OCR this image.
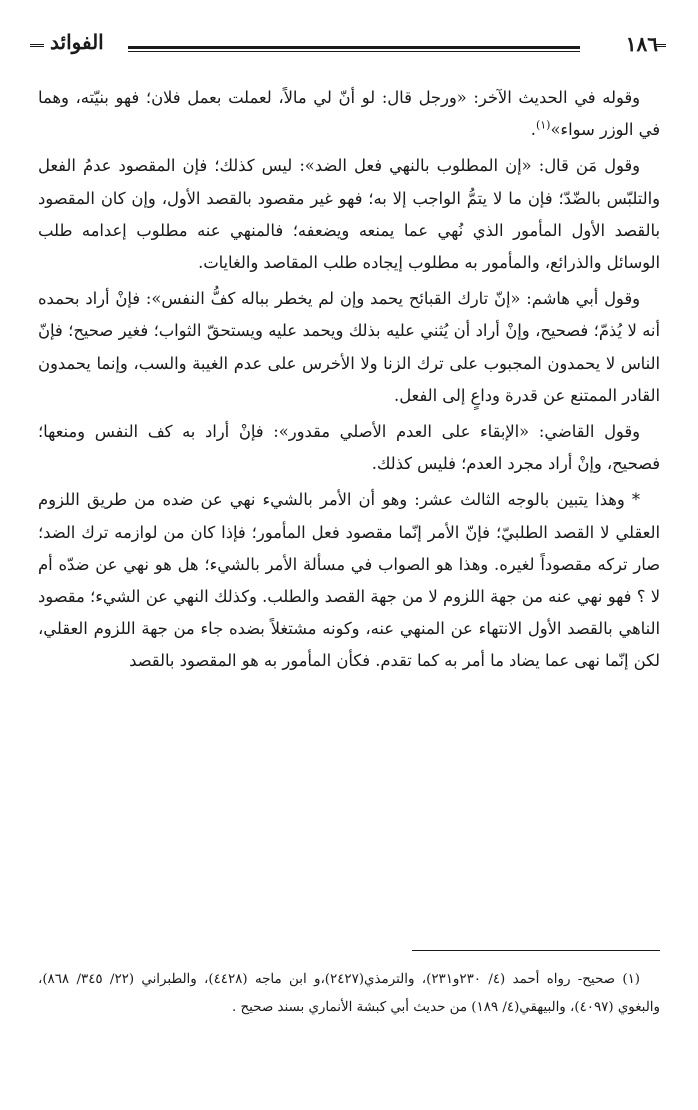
١٨٦
الفوائد

وقوله في الحديث الآخر: «ورجل قال: لو أنّ لي مالاً، لعملت بعمل فلان؛ فهو بنيّته، وهما في الوزر سواء»$^{(١)}$.

وقول مَن قال: «إن المطلوب بالنهي فعل الضد»: ليس كذلك؛ فإن المقصود عدمُ الفعل والتلبّس بالضّدّ؛ فإن ما لا يتمُّ الواجب إلا به؛ فهو غير مقصود بالقصد الأول، وإن كان المقصود بالقصد الأول المأمور الذي نُهي عما يمنعه ويضعفه؛ فالمنهي عنه مطلوب إعدامه طلب الوسائل والذرائع، والمأمور به مطلوب إيجاده طلب المقاصد والغايات.

وقول أبي هاشم: «إنّ تارك القبائح يحمد وإن لم يخطر بباله كفُّ النفس»: فإنْ أراد بحمده أنه لا يُذمّ؛ فصحيح، وإنْ أراد أن يُثني عليه بذلك ويحمد عليه ويستحقّ الثواب؛ فغير صحيح؛ فإنّ الناس لا يحمدون المجبوب على ترك الزنا ولا الأخرس على عدم الغيبة والسب، وإنما يحمدون القادر الممتنع عن قدرة وداعٍ إلى الفعل.

وقول القاضي: «الإبقاء على العدم الأصلي مقدور»: فإنْ أراد به كف النفس ومنعها؛ فصحيح، وإنْ أراد مجرد العدم؛ فليس كذلك.

* وهذا يتبين بالوجه الثالث عشر: وهو أن الأمر بالشيء نهي عن ضده من طريق اللزوم العقلي لا القصد الطلبيّ؛ فإنّ الأمر إنّما مقصود فعل المأمور؛ فإذا كان من لوازمه ترك الضد؛ صار تركه مقصوداً لغيره. وهذا هو الصواب في مسألة الأمر بالشيء؛ هل هو نهي عن ضدّه أم لا ؟ فهو نهي عنه من جهة اللزوم لا من جهة القصد والطلب. وكذلك النهي عن الشيء؛ مقصود الناهي بالقصد الأول الانتهاء عن المنهي عنه، وكونه مشتغلاً بضده جاء من جهة اللزوم العقلي، لكن إنّما نهى عما يضاد ما أمر به كما تقدم. فكأن المأمور به هو المقصود بالقصد

(١) صحيح- رواه أحمد (٤/ ٢٣٠و٢٣١)، والترمذي(٢٤٢٧)،و ابن ماجه (٤٤٢٨)، والطبراني (٢٢/ ٣٤٥/ ٨٦٨)، والبغوي (٤٠٩٧)، والبيهقي(٤/ ١٨٩) من حديث أبي كبشة الأنماري بسند صحيح .
